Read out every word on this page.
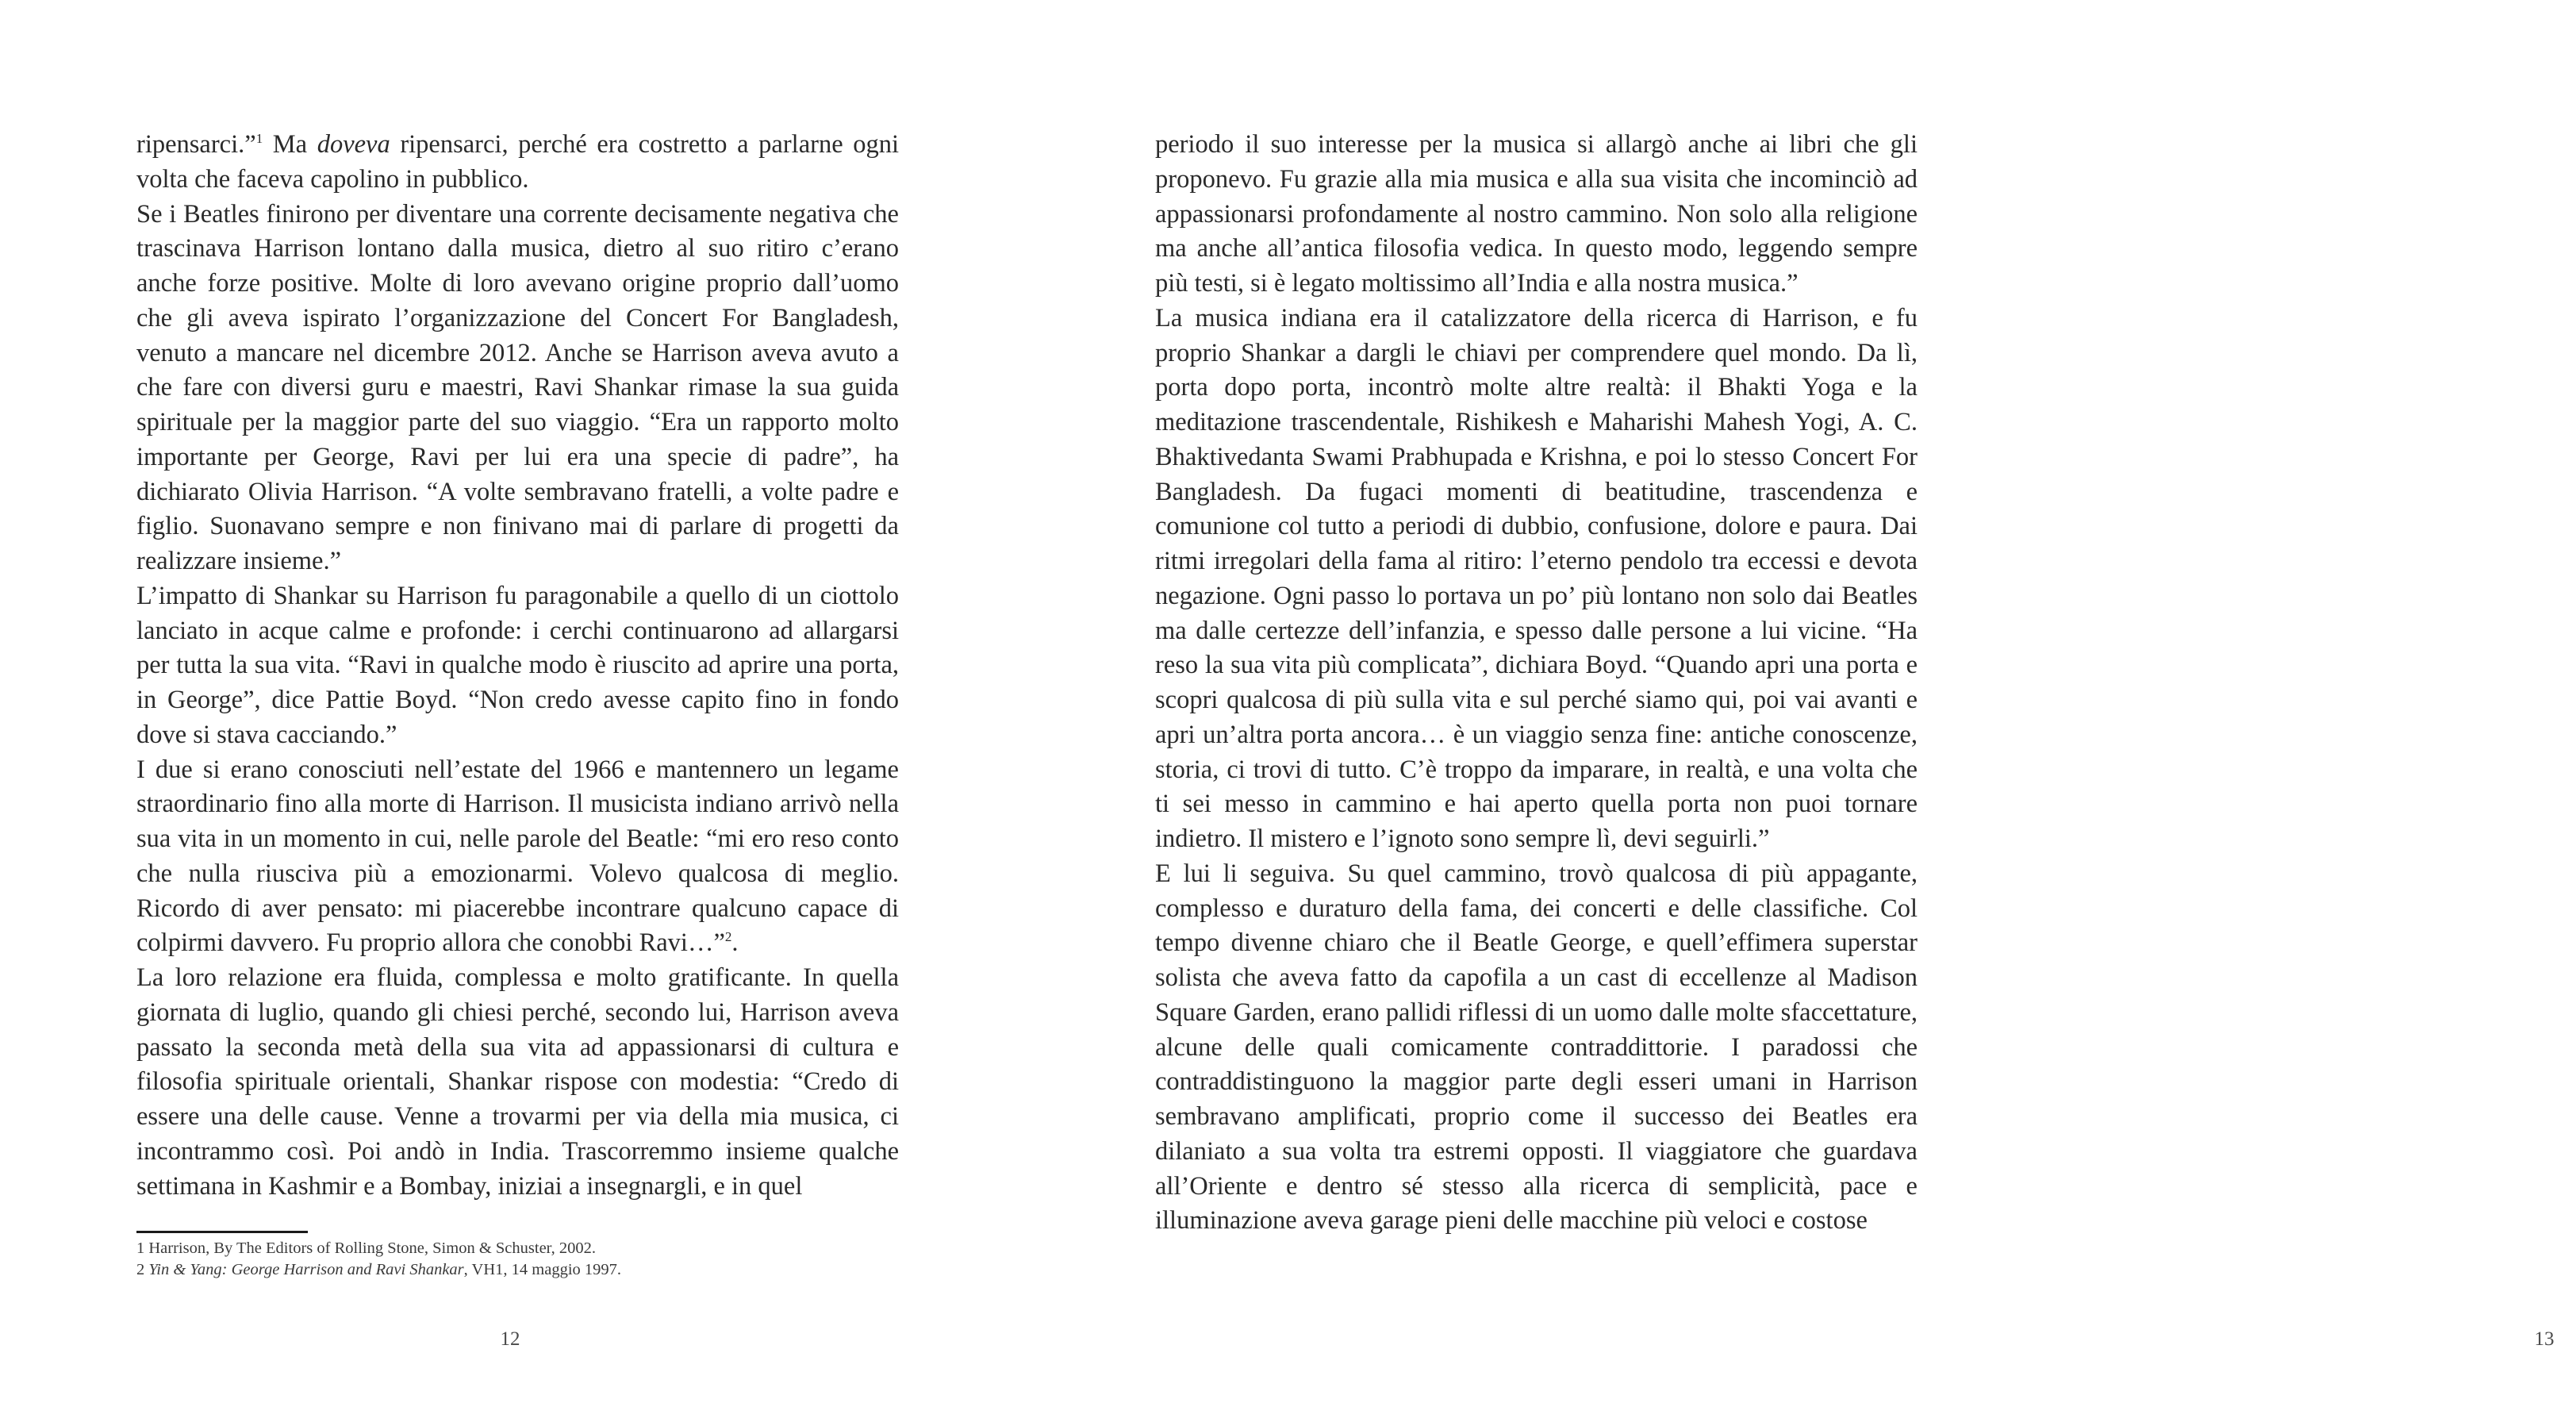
ripensarci.”$^1$ Ma doveva ripensarci, perché era costretto a parlarne ogni volta che faceva capolino in pubblico.

Se i Beatles finirono per diventare una corrente decisamente negativa che trascinava Harrison lontano dalla musica, dietro al suo ritiro c’erano anche forze positive. Molte di loro avevano origine proprio dall’uomo che gli aveva ispirato l’organizzazione del Concert For Bangladesh, venuto a mancare nel dicembre 2012. Anche se Harrison aveva avuto a che fare con diversi guru e maestri, Ravi Shankar rimase la sua guida spirituale per la maggior parte del suo viaggio. “Era un rapporto molto importante per George, Ravi per lui era una specie di padre”, ha dichiarato Olivia Harrison. “A volte sembravano fratelli, a volte padre e figlio. Suonavano sempre e non finivano mai di parlare di progetti da realizzare insieme.”

L’impatto di Shankar su Harrison fu paragonabile a quello di un ciottolo lanciato in acque calme e profonde: i cerchi continuarono ad allargarsi per tutta la sua vita. “Ravi in qualche modo è riuscito ad aprire una porta, in George”, dice Pattie Boyd. “Non credo avesse capito fino in fondo dove si stava cacciando.”

I due si erano conosciuti nell’estate del 1966 e mantennero un legame straordinario fino alla morte di Harrison. Il musicista indiano arrivò nella sua vita in un momento in cui, nelle parole del Beatle: “mi ero reso conto che nulla riusciva più a emozionarmi. Volevo qualcosa di meglio. Ricordo di aver pensato: mi piacerebbe incontrare qualcuno capace di colpirmi davvero. Fu proprio allora che conobbi Ravi…”$^2$.

La loro relazione era fluida, complessa e molto gratificante. In quella giornata di luglio, quando gli chiesi perché, secondo lui, Harrison aveva passato la seconda metà della sua vita ad appassionarsi di cultura e filosofia spirituale orientali, Shankar rispose con modestia: “Credo di essere una delle cause. Venne a trovarmi per via della mia musica, ci incontrammo così. Poi andò in India. Trascorremmo insieme qualche settimana in Kashmir e a Bombay, iniziai a insegnargli, e in quel

1 Harrison, By The Editors of Rolling Stone, Simon & Schuster, 2002.
2 Yin & Yang: George Harrison and Ravi Shankar, VH1, 14 maggio 1997.
12	13

periodo il suo interesse per la musica si allargò anche ai libri che gli proponevo. Fu grazie alla mia musica e alla sua visita che incominciò ad appassionarsi profondamente al nostro cammino. Non solo alla religione ma anche all’antica filosofia vedica. In questo modo, leggendo sempre più testi, si è legato moltissimo all’India e alla nostra musica.”

La musica indiana era il catalizzatore della ricerca di Harrison, e fu proprio Shankar a dargli le chiavi per comprendere quel mondo. Da lì, porta dopo porta, incontrò molte altre realtà: il Bhakti Yoga e la meditazione trascendentale, Rishikesh e Maharishi Mahesh Yogi, A. C. Bhaktivedanta Swami Prabhupada e Krishna, e poi lo stesso Concert For Bangladesh. Da fugaci momenti di beatitudine, trascendenza e comunione col tutto a periodi di dubbio, confusione, dolore e paura. Dai ritmi irregolari della fama al ritiro: l’eterno pendolo tra eccessi e devota negazione. Ogni passo lo portava un po’ più lontano non solo dai Beatles ma dalle certezze dell’infanzia, e spesso dalle persone a lui vicine. “Ha reso la sua vita più complicata”, dichiara Boyd. “Quando apri una porta e scopri qualcosa di più sulla vita e sul perché siamo qui, poi vai avanti e apri un’altra porta ancora… è un viaggio senza fine: antiche conoscenze, storia, ci trovi di tutto. C’è troppo da imparare, in realtà, e una volta che ti sei messo in cammino e hai aperto quella porta non puoi tornare indietro. Il mistero e l’ignoto sono sempre lì, devi seguirli.”

E lui li seguiva. Su quel cammino, trovò qualcosa di più appagante, complesso e duraturo della fama, dei concerti e delle classifiche. Col tempo divenne chiaro che il Beatle George, e quell’effimera superstar solista che aveva fatto da capofila a un cast di eccellenze al Madison Square Garden, erano pallidi riflessi di un uomo dalle molte sfaccettature, alcune delle quali comicamente contraddittorie. I paradossi che contraddistinguono la maggior parte degli esseri umani in Harrison sembravano amplificati, proprio come il successo dei Beatles era dilaniato a sua volta tra estremi opposti. Il viaggiatore che guardava all’Oriente e dentro sé stesso alla ricerca di semplicità, pace e illuminazione aveva garage pieni delle macchine più veloci e costose
